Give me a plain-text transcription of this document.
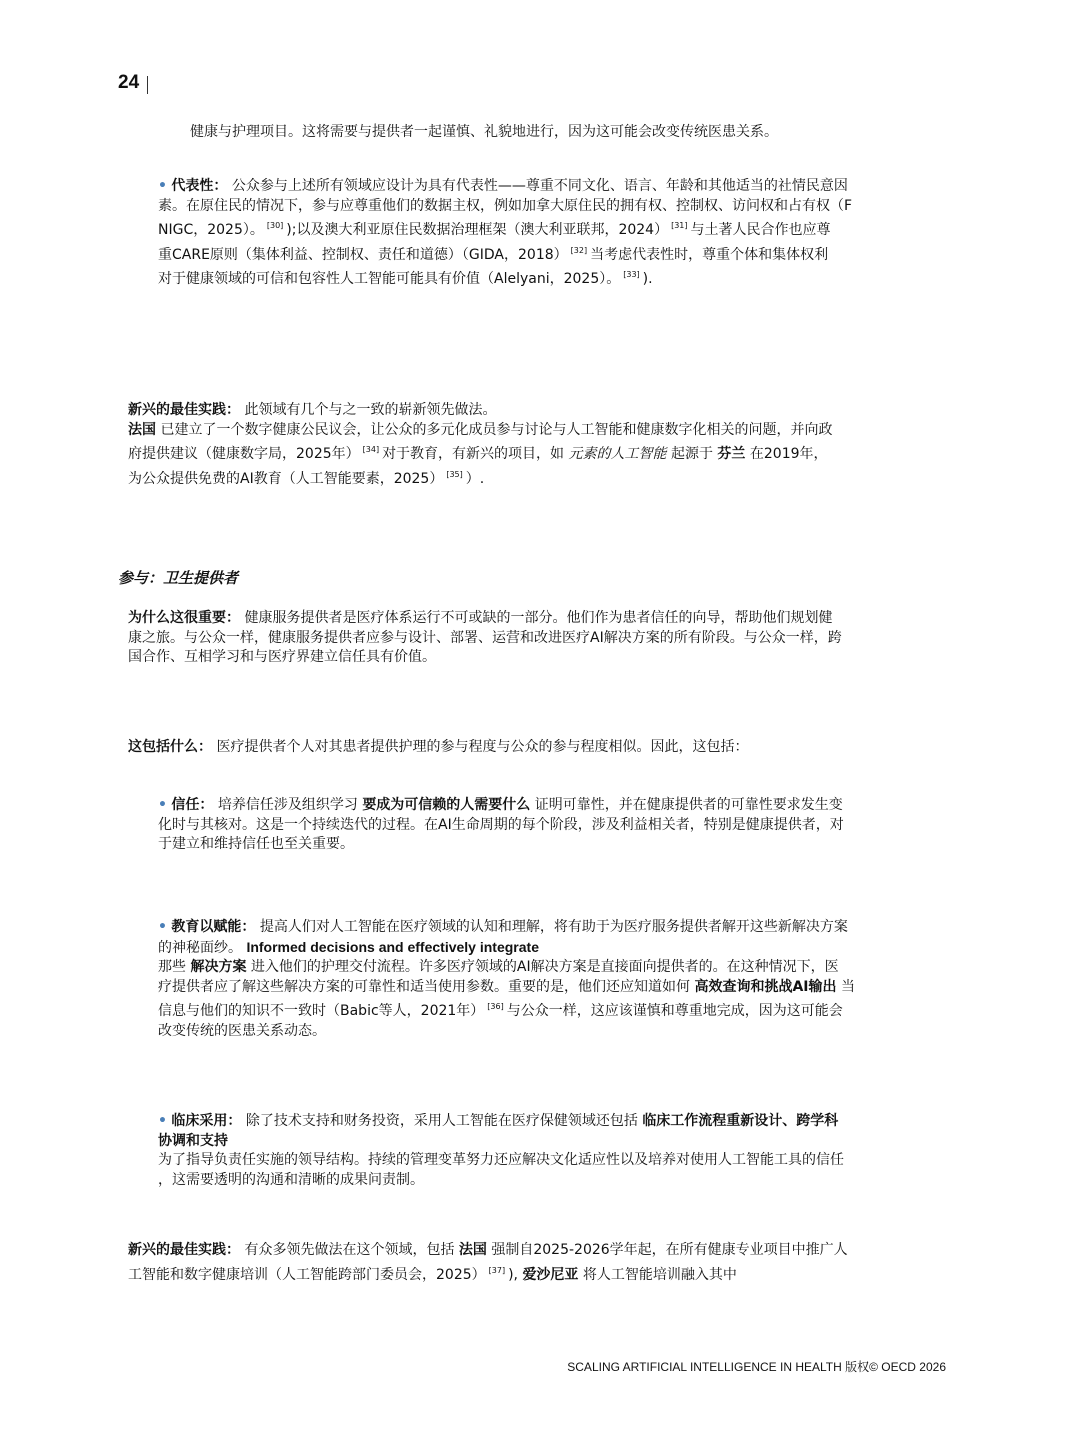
24

健康与护理项目。这将需要与提供者一起谨慎、礼貌地进行，因为这可能会改变传统医患关系。

• 代表性： 公众参与上述所有领域应设计为具有代表性——尊重不同文化、语言、年龄和其他适当的社情民意因

素。在原住民的情况下，参与应尊重他们的数据主权，例如加拿大原住民的拥有权、控制权、访问权和占有权（F

NIGC，2025）。 [30] );以及澳大利亚原住民数据治理框架（澳大利亚联邦，2024） [31] 与土著人民合作也应尊

重CARE原则（集体利益、控制权、责任和道德）（GIDA，2018） [32] 当考虑代表性时，尊重个体和集体权利

对于健康领域的可信和包容性人工智能可能具有价值（Alelyani，2025）。 [33] ).

新兴的最佳实践： 此领域有几个与之一致的崭新领先做法。

法国 已建立了一个数字健康公民议会，让公众的多元化成员参与讨论与人工智能和健康数字化相关的问题，并向政

府提供建议（健康数字局，2025年） [34] 对于教育，有新兴的项目，如 元素的人工智能 起源于 芬兰 在2019年，

为公众提供免费的AI教育（人工智能要素，2025） [35] ）.

参与：卫生提供者

为什么这很重要： 健康服务提供者是医疗体系运行不可或缺的一部分。他们作为患者信任的向导，帮助他们规划健

康之旅。与公众一样，健康服务提供者应参与设计、部署、运营和改进医疗AI解决方案的所有阶段。与公众一样，跨

国合作、互相学习和与医疗界建立信任具有价值。

这包括什么： 医疗提供者个人对其患者提供护理的参与程度与公众的参与程度相似。因此，这包括：

• 信任： 培养信任涉及组织学习 要成为可信赖的人需要什么 证明可靠性，并在健康提供者的可靠性要求发生变

化时与其核对。这是一个持续迭代的过程。在AI生命周期的每个阶段，涉及利益相关者，特别是健康提供者，对

于建立和维持信任也至关重要。

• 教育以赋能： 提高人们对人工智能在医疗领域的认知和理解，将有助于为医疗服务提供者解开这些新解决方案

的神秘面纱。 Informed decisions and effectively integrate

那些 解决方案 进入他们的护理交付流程。许多医疗领域的AI解决方案是直接面向提供者的。在这种情况下，医

疗提供者应了解这些解决方案的可靠性和适当使用参数。重要的是，他们还应知道如何 高效查询和挑战AI输出 当

信息与他们的知识不一致时（Babic等人，2021年） [36] 与公众一样，这应该谨慎和尊重地完成，因为这可能会

改变传统的医患关系动态。

• 临床采用： 除了技术支持和财务投资，采用人工智能在医疗保健领域还包括 临床工作流程重新设计、跨学科

协调和支持

为了指导负责任实施的领导结构。持续的管理变革努力还应解决文化适应性以及培养对使用人工智能工具的信任

，这需要透明的沟通和清晰的成果问责制。

新兴的最佳实践： 有众多领先做法在这个领域，包括 法国 强制自2025-2026学年起，在所有健康专业项目中推广人

工智能和数字健康培训（人工智能跨部门委员会，2025） [37] ), 爱沙尼亚 将人工智能培训融入其中

SCALING ARTIFICIAL INTELLIGENCE IN HEALTH 版权© OECD 2026
